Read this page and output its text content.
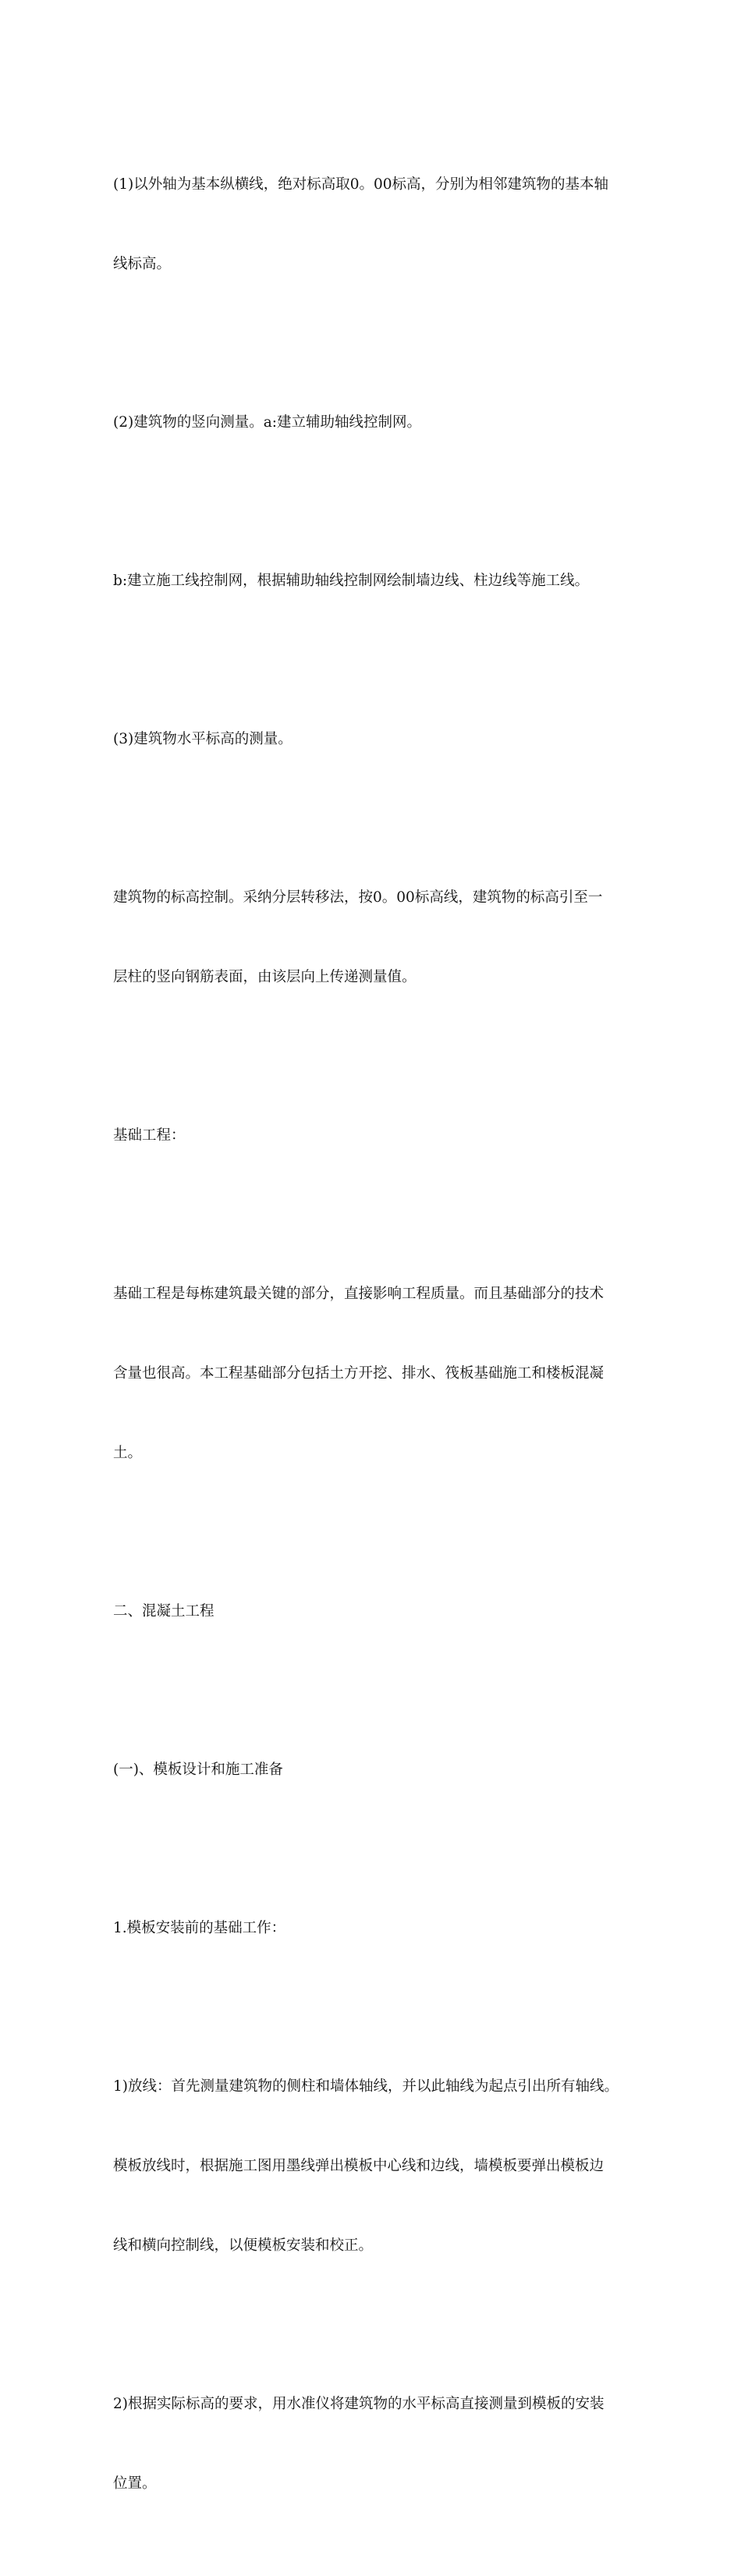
(1)以外轴为基本纵横线，绝对标高取0。00标高，分别为相邻建筑物的基本轴

线标高。

(2)建筑物的竖向测量。a:建立辅助轴线控制网。

b:建立施工线控制网，根据辅助轴线控制网绘制墙边线、柱边线等施工线。

(3)建筑物水平标高的测量。

建筑物的标高控制。采纳分层转移法，按0。00标高线，建筑物的标高引至一

层柱的竖向钢筋表面，由该层向上传递测量值。

基础工程：

基础工程是每栋建筑最关键的部分，直接影响工程质量。而且基础部分的技术

含量也很高。本工程基础部分包括土方开挖、排水、筏板基础施工和楼板混凝

土。

二、混凝土工程

(一)、模板设计和施工准备

1.模板安装前的基础工作：

1)放线：首先测量建筑物的侧柱和墙体轴线，并以此轴线为起点引出所有轴线。

模板放线时，根据施工图用墨线弹出模板中心线和边线，墙模板要弹出模板边

线和横向控制线，以便模板安装和校正。

2)根据实际标高的要求，用水准仪将建筑物的水平标高直接测量到模板的安装

位置。
